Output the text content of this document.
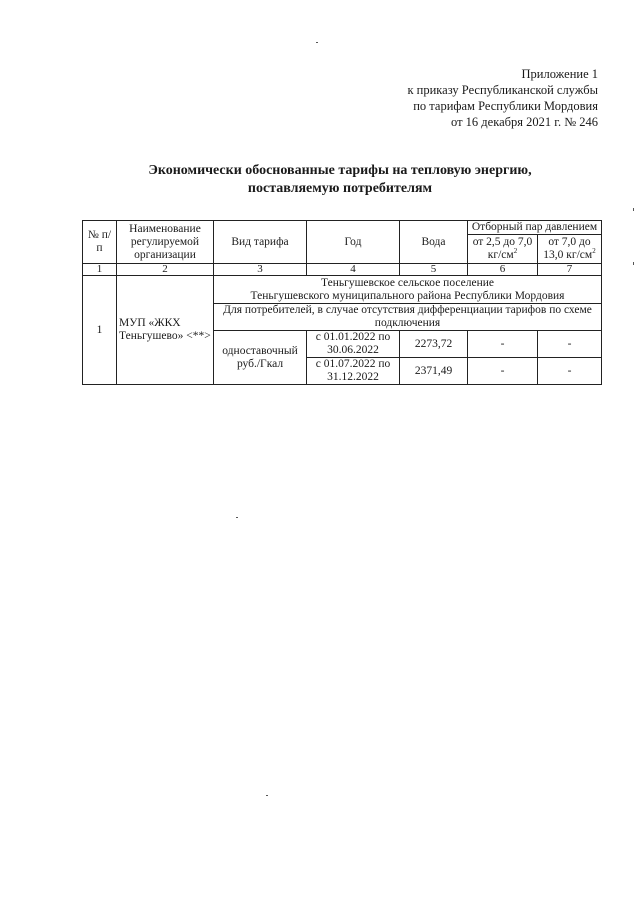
Приложение 1
к приказу Республиканской службы
по тарифам Республики Мордовия
от 16 декабря 2021 г. № 246
Экономически обоснованные тарифы на тепловую энергию,
поставляемую потребителям
№ п/п	Наименование регулируемой организации	Вид тарифа	Год	Вода	Отборный пар давлением	
					от 2,5 до 7,0 $кг/см^2$	от 7,0 до 13,0 $кг/см^2$
1	2	3	4	5	6	7
1	МУП «ЖКХ Теньгушево» <**>	Теньгушевское сельское поселение
Теньгушевского муниципального района Республики Мордовия				

		Для потребителей, в случае отсутствия дифференциации тарифов по схеме подключения				
		одноставочный руб./Гкал	с 01.01.2022 по 30.06.2022	2273,72	-	-
			с 01.07.2022 по 31.12.2022	2371,49	-	-
